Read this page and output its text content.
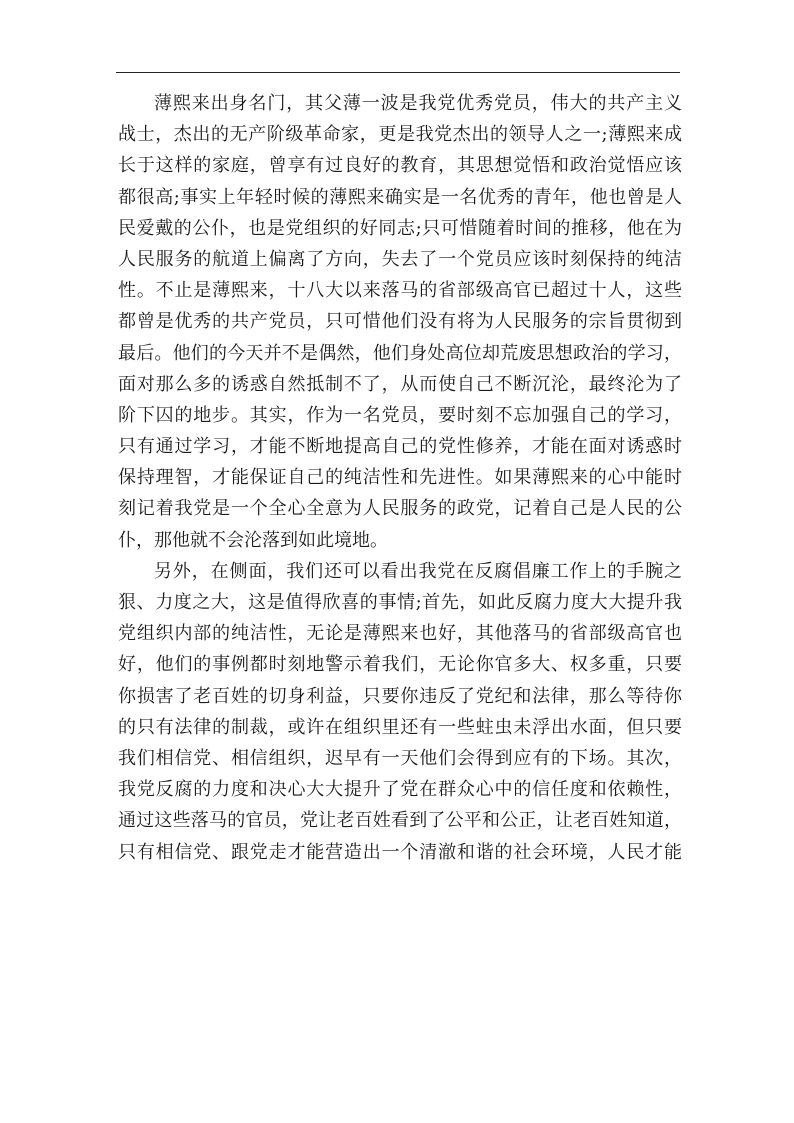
薄熙来出身名门，其父薄一波是我党优秀党员，伟大的共产主义
战士，杰出的无产阶级革命家，更是我党杰出的领导人之一;薄熙来成
长于这样的家庭，曾享有过良好的教育，其思想觉悟和政治觉悟应该
都很高;事实上年轻时候的薄熙来确实是一名优秀的青年，他也曾是人
民爱戴的公仆，也是党组织的好同志;只可惜随着时间的推移，他在为
人民服务的航道上偏离了方向，失去了一个党员应该时刻保持的纯洁
性。不止是薄熙来，十八大以来落马的省部级高官已超过十人，这些
都曾是优秀的共产党员，只可惜他们没有将为人民服务的宗旨贯彻到
最后。他们的今天并不是偶然，他们身处高位却荒废思想政治的学习，
面对那么多的诱惑自然抵制不了，从而使自己不断沉沦，最终沦为了
阶下囚的地步。其实，作为一名党员，要时刻不忘加强自己的学习，
只有通过学习，才能不断地提高自己的党性修养，才能在面对诱惑时
保持理智，才能保证自己的纯洁性和先进性。如果薄熙来的心中能时
刻记着我党是一个全心全意为人民服务的政党，记着自己是人民的公
仆，那他就不会沦落到如此境地。
另外，在侧面，我们还可以看出我党在反腐倡廉工作上的手腕之
狠、力度之大，这是值得欣喜的事情;首先，如此反腐力度大大提升我
党组织内部的纯洁性，无论是薄熙来也好，其他落马的省部级高官也
好，他们的事例都时刻地警示着我们，无论你官多大、权多重，只要
你损害了老百姓的切身利益，只要你违反了党纪和法律，那么等待你
的只有法律的制裁，或许在组织里还有一些蛀虫未浮出水面，但只要
我们相信党、相信组织，迟早有一天他们会得到应有的下场。其次，
我党反腐的力度和决心大大提升了党在群众心中的信任度和依赖性，
通过这些落马的官员，党让老百姓看到了公平和公正，让老百姓知道，
只有相信党、跟党走才能营造出一个清澈和谐的社会环境，人民才能
